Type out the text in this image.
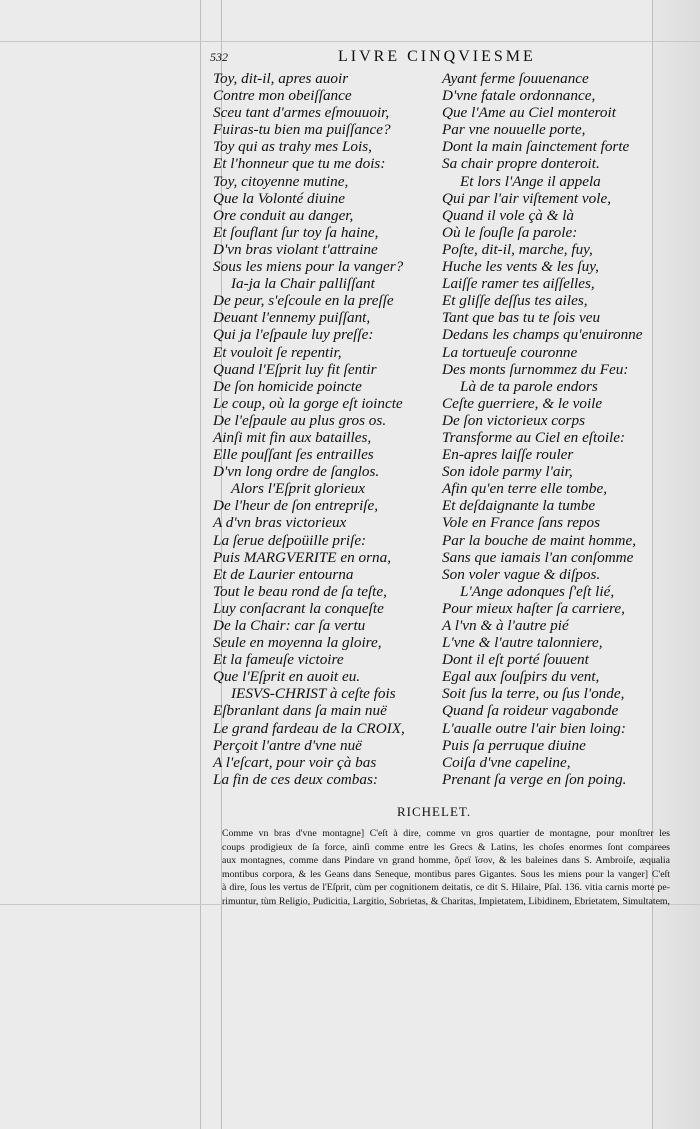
532	LIVRE CINQVIESME
Toy, dit-il, apres auoir
Contre mon obeiſſance
Sceu tant d'armes eſmouuoir,
Fuiras-tu bien ma puiſſance?
Toy qui as trahy mes Lois,
Et l'honneur que tu me dois:
Toy, citoyenne mutine,
Que la Volonté diuine
Ore conduit au danger,
Et ſouflant ſur toy ſa haine,
D'vn bras violant t'attraine
Sous les miens pour la vanger?
Ia-ja la Chair palliſſant
De peur, s'eſcoule en la preſſe
Deuant l'ennemy puiſſant,
Qui ja l'eſpaule luy preſſe:
Et vouloit ſe repentir,
Quand l'Eſprit luy fit ſentir
De ſon homicide poincte
Le coup, où la gorge eſt ioincte
De l'eſpaule au plus gros os.
Ainſi mit fin aux batailles,
Elle pouſſant ſes entrailles
D'vn long ordre de ſanglos.
Alors l'Eſprit glorieux
De l'heur de ſon entrepriſe,
A d'vn bras victorieux
La ſerue deſpoüille priſe:
Puis MARGVERITE en orna,
Et de Laurier entourna
Tout le beau rond de ſa teſte,
Luy conſacrant la conqueſte
De la Chair: car ſa vertu
Seule en moyenna la gloire,
Et la fameuſe victoire
Que l'Eſprit en auoit eu.
IESVS-CHRIST à ceſte fois
Eſbranlant dans ſa main nuë
Le grand fardeau de la CROIX,
Perçoit l'antre d'vne nuë
A l'eſcart, pour voir çà bas
La fin de ces deux combas:
Ayant ferme ſouuenance
D'vne fatale ordonnance,
Que l'Ame au Ciel monteroit
Par vne nouuelle porte,
Dont la main ſainctement forte
Sa chair propre donteroit.
Et lors l'Ange il appela
Qui par l'air viſtement vole,
Quand il vole çà & là
Où le ſouſle ſa parole:
Poſte, dit-il, marche, fuy,
Huche les vents & les ſuy,
Laiſſe ramer tes aiſſelles,
Et gliſſe deſſus tes ailes,
Tant que bas tu te ſois veu
Dedans les champs qu'enuironne
La tortueuſe couronne
Des monts ſurnommez du Feu:
Là de ta parole endors
Ceſte guerriere, & le voile
De ſon victorieux corps
Transforme au Ciel en eſtoile:
En-apres laiſſe rouler
Son idole parmy l'air,
Afin qu'en terre elle tombe,
Et deſdaignante la tumbe
Vole en France ſans repos
Par la bouche de maint homme,
Sans que iamais l'an conſomme
Son voler vague & diſpos.
L'Ange adonques ſ'eſt lié,
Pour mieux haſter ſa carriere,
A l'vn & à l'autre pié
L'vne & l'autre talonniere,
Dont il eſt porté ſouuent
Egal aux ſouſpirs du vent,
Soit ſus la terre, ou ſus l'onde,
Quand ſa roideur vagabonde
L'aualle outre l'air bien loing:
Puis ſa perruque diuine
Coiſa d'vne capeline,
Prenant ſa verge en ſon poing.
RICHELET.
Comme vn bras d'vne montagne] C'eſt à dire, comme vn gros quartier de montagne, pour monſtrer les
coups prodigieux de ſa force, ainſi comme entre les Grecs & Latins, les choſes enormes ſont comparees
aux montagnes, comme dans Pindare vn grand homme, ὄρεϊ ἴσον, & les baleines dans S. Ambroiſe, æqualia
montibus corpora, & les Geans dans Seneque, montibus pares Gigantes. Sous les miens pour la vanger] C'eſt
à dire, ſous les vertus de l'Eſprit, cùm per cognitionem deitatis, ce dit S. Hilaire, Pſal. 136. vitia carnis morte pe-
rimuntur, tùm Religio, Pudicitia, Largitio, Sobrietas, & Charitas, Impietatem, Libidinem, Ebrietatem, Simultatem,
